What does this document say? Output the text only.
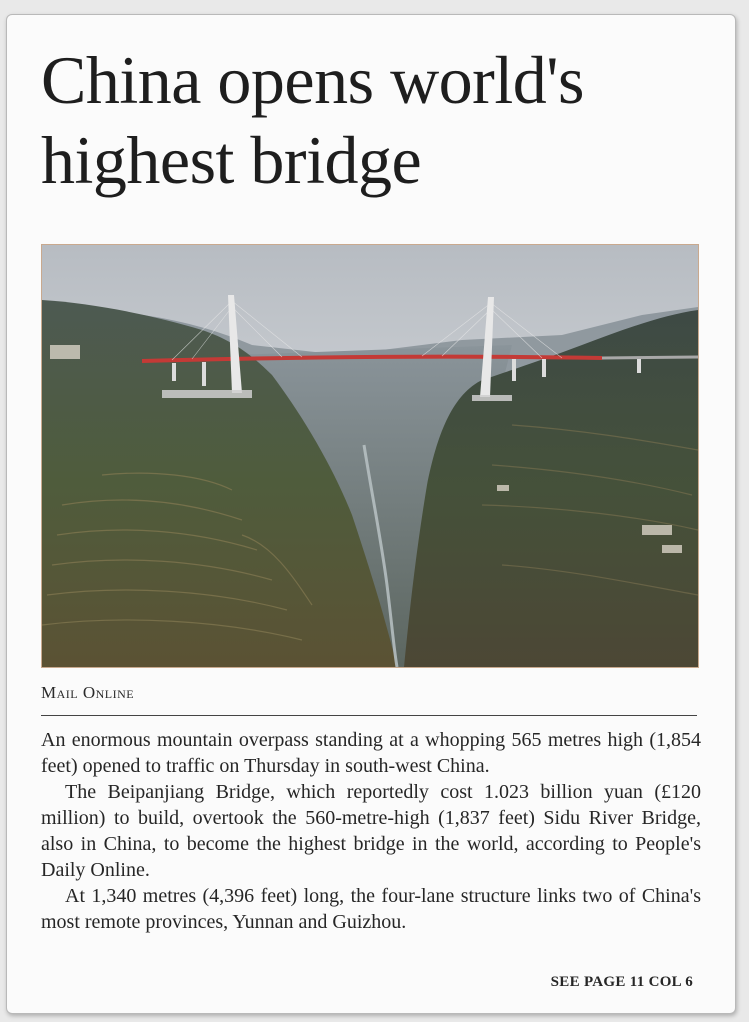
China opens world's highest bridge

Mail Online

An enormous mountain overpass standing at a whopping 565 metres high (1,854 feet) opened to traffic on Thursday in south-west China.

The Beipanjiang Bridge, which reportedly cost 1.023 billion yuan (£120 million) to build, overtook the 560-metre-high (1,837 feet) Sidu River Bridge, also in China, to become the highest bridge in the world, according to People's Daily Online.

At 1,340 metres (4,396 feet) long, the four-lane structure links two of China's most remote provinces, Yunnan and Guizhou.

SEE PAGE 11 COL 6
